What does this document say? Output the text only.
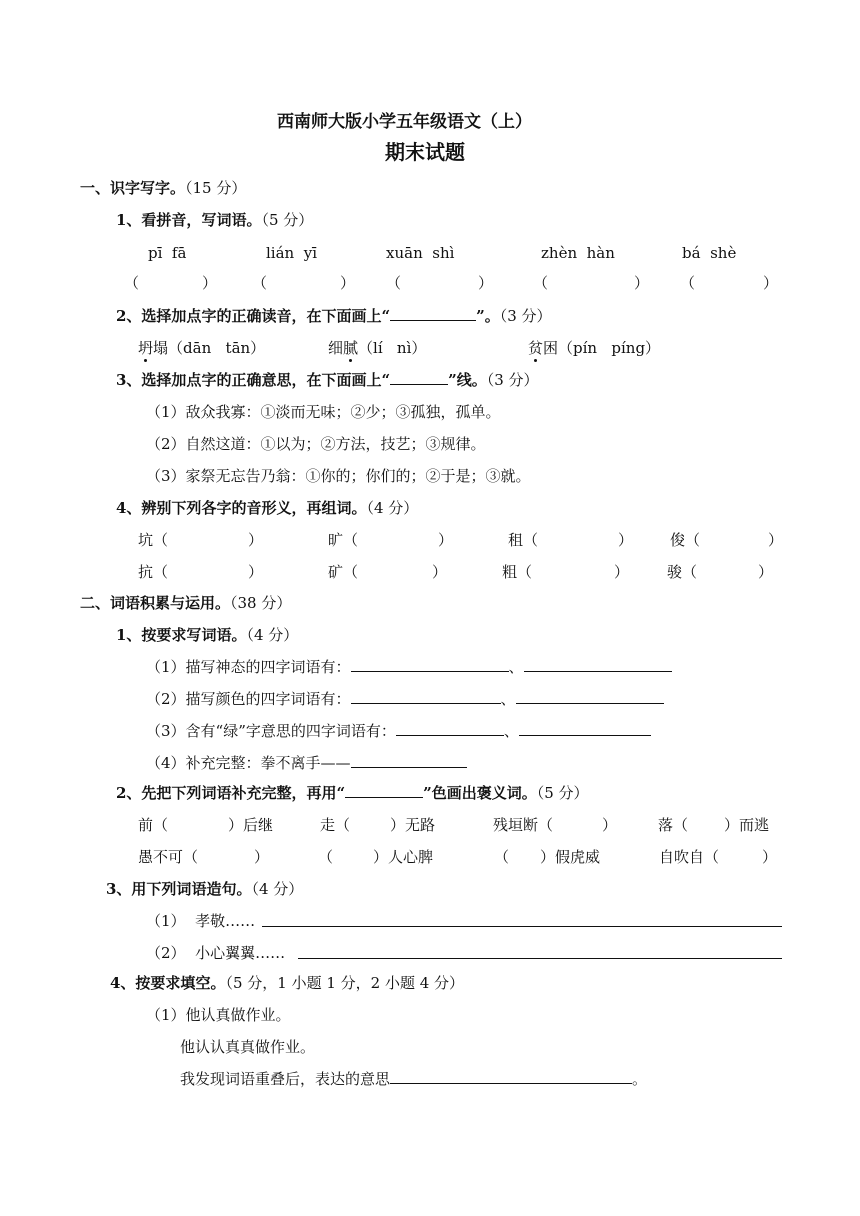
西南师大版小学五年级语文（上）
期末试题
一、识字写字。（15 分）
1、看拼音，写词语。（5 分）
pī  fā	lián  yī	xuān  shì	zhèn  hàn	bá  shè
（	） （	） （	）	（	） （	）
2、选择加点字的正确读音，在下面画上“	”。（3 分）
坍塌（dān   tān）	细腻（lí   nì）	贫困（pín   píng）
3、选择加点字的正确意思，在下面画上“	”线。（3 分）
（1）敌众我寡：①淡而无味；②少；③孤独，孤单。
（2）自然这道：①以为；②方法，技艺；③规律。
（3）家祭无忘告乃翁：①你的；你们的；②于是；③就。
4、辨别下列各字的音形义，再组词。（4 分）
坑（	）	旷（	）	租（	） 俊（	）
抗（	）	矿（	）	粗（	）	骏（	）
二、词语积累与运用。（38 分）
1、按要求写词语。（4 分）
（1）描写神态的四字词语有：	、
（2）描写颜色的四字词语有：	、
（3）含有“绿”字意思的四字词语有：	、
（4）补充完整：拳不离手——
2、先把下列词语补充完整，再用“	”色画出褒义词。（5 分）
前（	）后继	走（	）无路	残垣断（	）	落（ ）而逃
愚不可（	）	（	）人心脾	（ ）假虎威	自吹自（	）
3、用下列词语造句。（4 分）
（1）  孝敬……
（2）  小心翼翼……
4、按要求填空。（5 分，1 小题 1 分，2 小题 4 分）
（1）他认真做作业。
他认认真真做作业。
我发现词语重叠后，表达的意思	。
